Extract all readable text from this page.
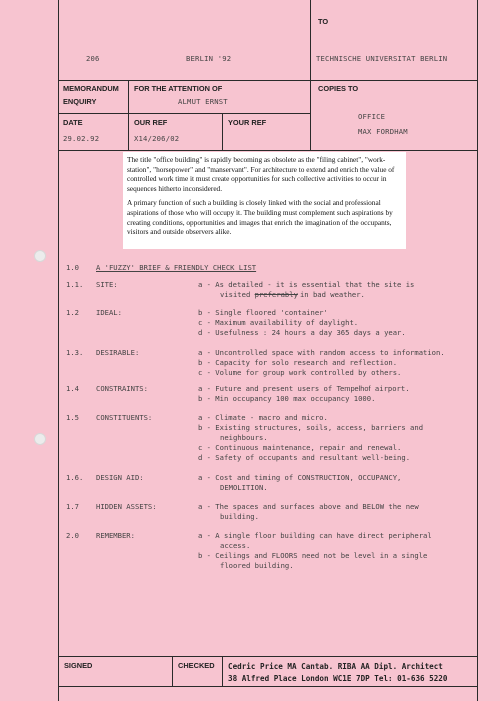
TO
206	BERLIN '92	TECHNISCHE UNIVERSITAT BERLIN
MEMORANDUM
ENQUIRY
FOR THE ATTENTION OF
ALMUT ERNST
COPIES TO
OFFICE
MAX FORDHAM
DATE
29.02.92
OUR REF
X14/206/02
YOUR REF

The title "office building" is rapidly becoming as obsolete as the "filing cabinet", "work-station", "horsepower" and "manservant". For architecture to extend and enrich the value of controlled work time it must create opportunities for such collective activities to occur in sequences hitherto inconsidered.

A primary function of such a building is closely linked with the social and professional aspirations of those who will occupy it. The building must complement such aspirations by creating conditions, opportunities and images that enrich the imagination of the occupants, visitors and outside observers alike.

1.0 A 'FUZZY' BRIEF & FRIENDLY CHECK LIST
1.1. SITE:	a - As detailed - it is essential that the site is
visited preferably in bad weather.
1.2 IDEAL:	b - Single floored 'container'
c - Maximum availability of daylight.
d - Usefulness : 24 hours a day 365 days a year.
1.3. DESIRABLE:	a - Uncontrolled space with random access to information.
b - Capacity for solo research and reflection.
c - Volume for group work controlled by others.
1.4 CONSTRAINTS:	a - Future and present users of Tempelhof airport.
b - Min occupancy 100 max occupancy 1000.
1.5 CONSTITUENTS:	a - Climate - macro and micro.
b - Existing structures, soils, access, barriers and
neighbours.
c - Continuous maintenance, repair and renewal.
d - Safety of occupants and resultant well-being.
1.6. DESIGN AID:	a - Cost and timing of CONSTRUCTION, OCCUPANCY,
DEMOLITION.
1.7 HIDDEN ASSETS:	a - The spaces and surfaces above and BELOW the new
building.
2.0 REMEMBER:	a - A single floor building can have direct peripheral
access.
b - Ceilings and FLOORS need not be level in a single
floored building.
SIGNED	CHECKED Cedric Price MA Cantab. RIBA AA Dipl. Architect
38 Alfred Place London WC1E 7DP Tel: 01-636 5220
